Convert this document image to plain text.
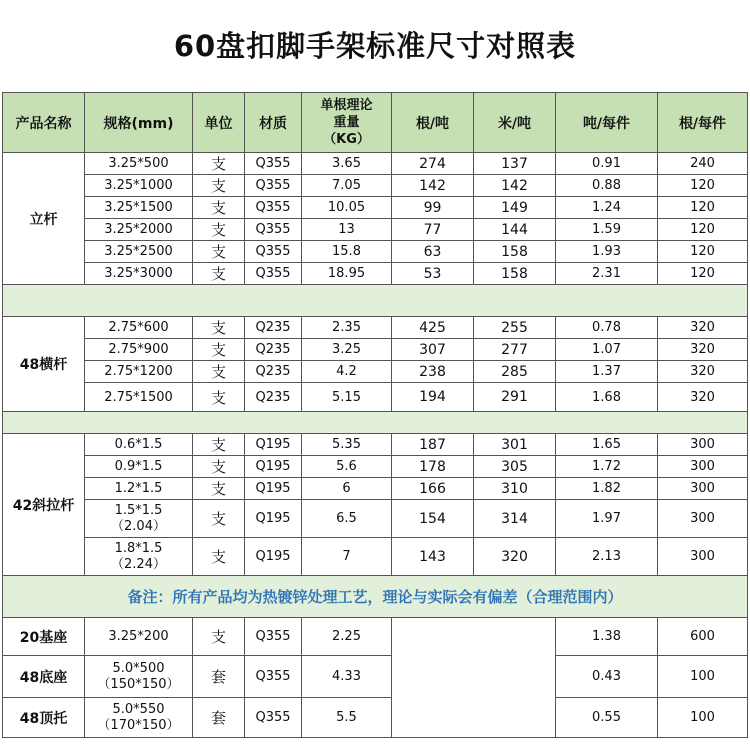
60盘扣脚手架标准尺寸对照表
产品名称	规格(mm)	单位	材质	单根理论
重量
（KG）	根/吨	米/吨	吨/每件	根/每件
立杆	3.25*500	支	Q355	3.65	274	137	0.91	240

	3.25*1000	支	Q355	7.05	142	142	0.88	120

	3.25*1500	支	Q355	10.05	99	149	1.24	120

	3.25*2000	支	Q355	13	77	144	1.59	120

	3.25*2500	支	Q355	15.8	63	158	1.93	120

	3.25*3000	支	Q355	18.95	53	158	2.31	120

48横杆	2.75*600	支	Q235	2.35	425	255	0.78	320

	2.75*900	支	Q235	3.25	307	277	1.07	320

	2.75*1200	支	Q235	4.2	238	285	1.37	320

	2.75*1500	支	Q235	5.15	194	291	1.68	320

42斜拉杆	0.6*1.5	支	Q195	5.35	187	301	1.65	300

	0.9*1.5	支	Q195	5.6	178	305	1.72	300

	1.2*1.5	支	Q195	6	166	310	1.82	300

	1.5*1.5
（2.04）	支	Q195	6.5	154	314	1.97	300

	1.8*1.5
（2.24）	支	Q195	7	143	320	2.13	300
备注：所有产品均为热镀锌处理工艺，理论与实际会有偏差（合理范围内）								
20基座	3.25*200	支	Q355	2.25			1.38	600
48底座	5.0*500
（150*150）	套	Q355	4.33			0.43	100
48顶托	5.0*550
（170*150）	套	Q355	5.5			0.55	100
